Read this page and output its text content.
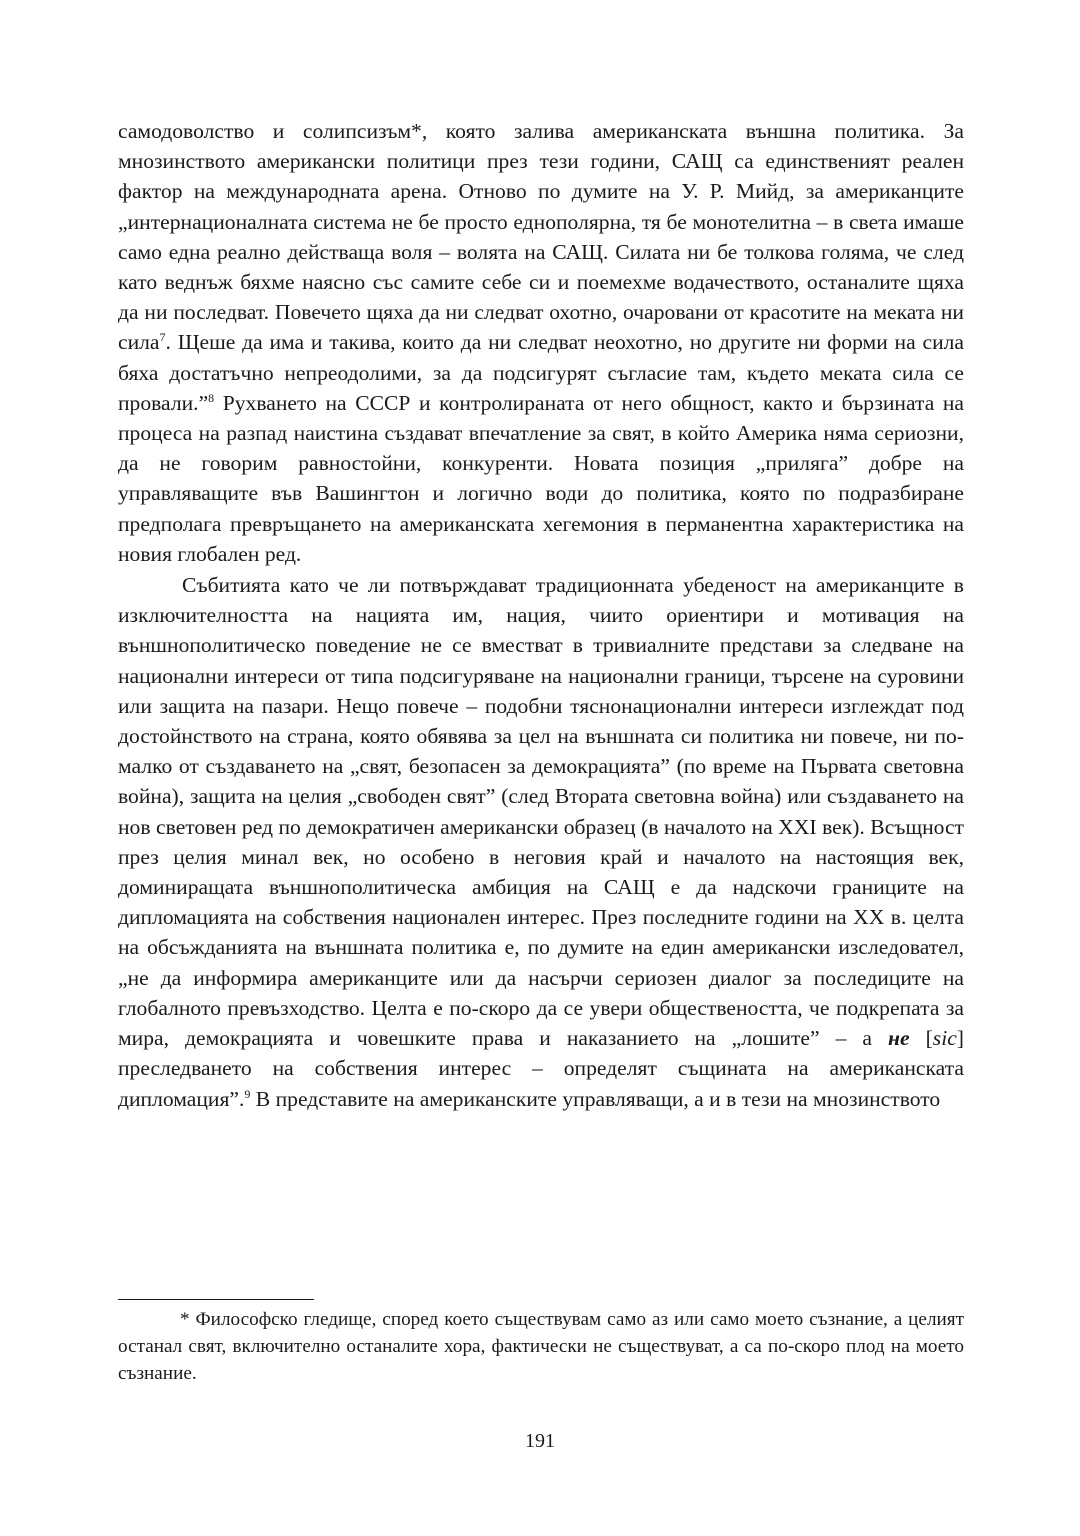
самодоволство и солипсизъм*, която залива американската външна политика. За мнозинството американски политици през тези години, САЩ са единственият реален фактор на международната арена. Отново по думите на У. Р. Мийд, за американците „интернационалната система не бе просто еднополярна, тя бе монотелитна – в света имаше само една реално действаща воля – волята на САЩ. Силата ни бе толкова голяма, че след като веднъж бяхме наясно със самите себе си и поемехме водачеството, останалите щяха да ни последват. Повечето щяха да ни следват охотно, очаровани от красотите на меката ни сила$^7$. Щеше да има и такива, които да ни следват неохотно, но другите ни форми на сила бяха достатъчно непреодолими, за да подсигурят съгласие там, където меката сила се провали.”$^8$ Рухването на СССР и контролираната от него общност, както и бързината на процеса на разпад наистина създават впечатление за свят, в който Америка няма сериозни, да не говорим равностойни, конкуренти. Новата позиция „приляга” добре на управляващите във Вашингтон и логично води до политика, която по подразбиране предполага превръщането на американската хегемония в перманентна характеристика на новия глобален ред.

Събитията като че ли потвърждават традиционната убеденост на американците в изключителността на нацията им, нация, чиито ориентири и мотивация на външнополитическо поведение не се вместват в тривиалните представи за следване на национални интереси от типа подсигуряване на национални граници, търсене на суровини или защита на пазари. Нещо повече – подобни тяснонационални интереси изглеждат под достойнството на страна, която обявява за цел на външната си политика ни повече, ни по-малко от създаването на „свят, безопасен за демокрацията” (по време на Първата световна война), защита на целия „свободен свят” (след Втората световна война) или създаването на нов световен ред по демократичен американски образец (в началото на XXI век). Всъщност през целия минал век, но особено в неговия край и началото на настоящия век, доминиращата външнополитическа амбиция на САЩ е да надскочи границите на дипломацията на собствения национален интерес. През последните години на XX в. целта на обсъжданията на външната политика е, по думите на един американски изследовател, „не да информира американците или да насърчи сериозен диалог за последиците на глобалното превъзходство. Целта е по-скоро да се увери обществеността, че подкрепата за мира, демокрацията и човешките права и наказанието на „лошите” – а не [sic] преследването на собствения интерес – определят същината на американската дипломация”.$^9$ В представите на американските управляващи, а и в тези на мнозинството

* Философско гледище, според което съществувам само аз или само моето съзнание, а целият останал свят, включително останалите хора, фактически не съществуват, а са по-скоро плод на моето съзнание.

191
